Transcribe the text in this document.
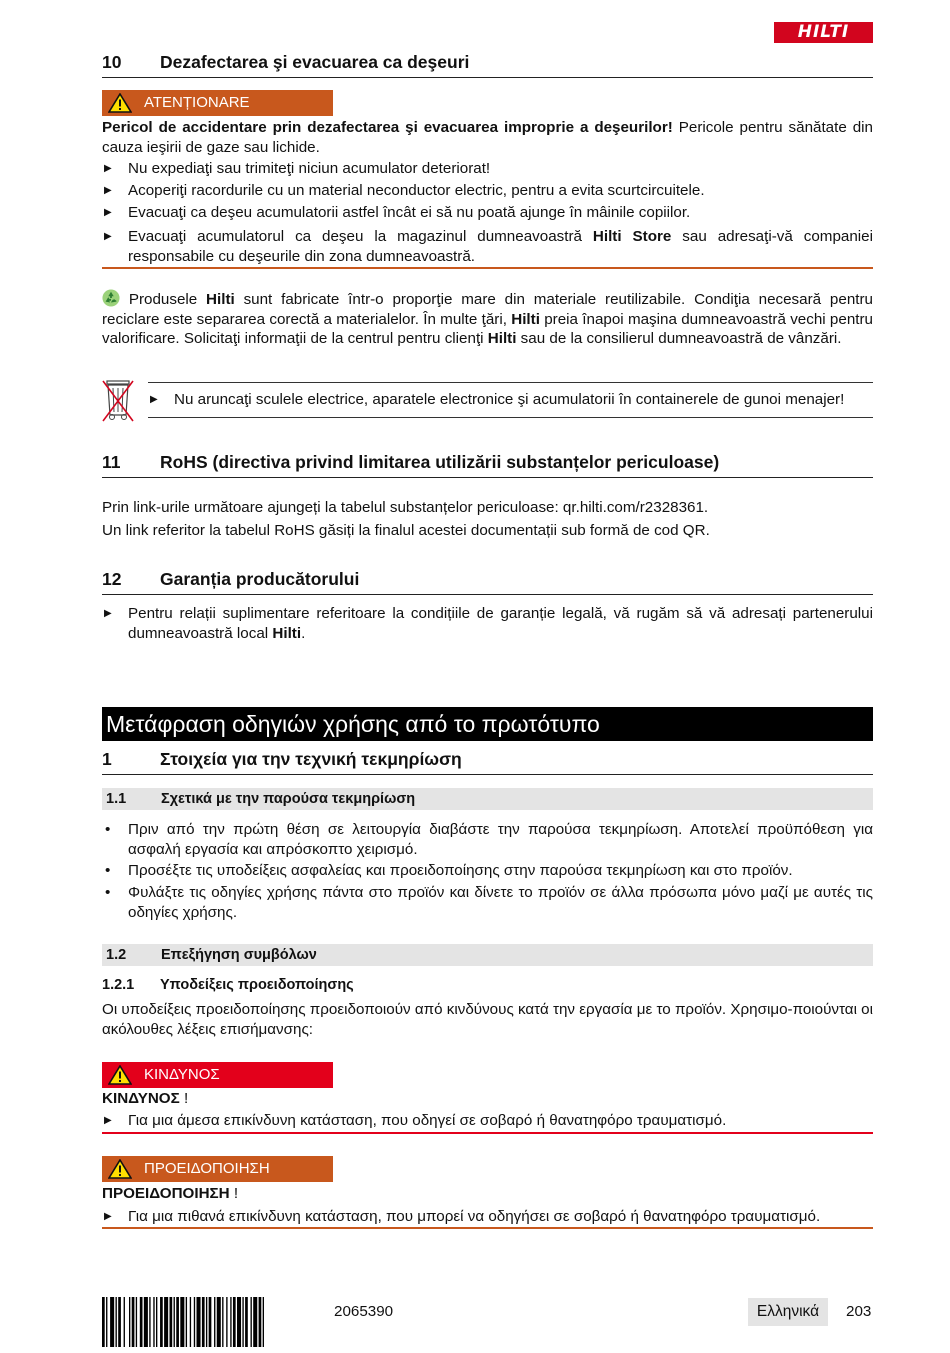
HILTI
10 Dezafectarea şi evacuarea ca deşeuri
ATENȚIONARE
Pericol de accidentare prin dezafectarea şi evacuarea improprie a deşeurilor! Pericole pentru sănătate din cauza ieşirii de gaze sau lichide.
▶ Nu expediaţi sau trimiteţi niciun acumulator deteriorat!
▶ Acoperiţi racordurile cu un material neconductor electric, pentru a evita scurtcircuitele.
▶ Evacuaţi ca deşeu acumulatorii astfel încât ei să nu poată ajunge în mâinile copiilor.
▶ Evacuaţi acumulatorul ca deşeu la magazinul dumneavoastră Hilti Store sau adresaţi-vă companiei responsabile cu deşeurile din zona dumneavoastră.
Produsele Hilti sunt fabricate într-o proporţie mare din materiale reutilizabile. Condiţia necesară pentru reciclare este separarea corectă a materialelor. În multe ţări, Hilti preia înapoi maşina dumneavoastră vechi pentru valorificare. Solicitaţi informaţii de la centrul pentru clienţi Hilti sau de la consilierul dumneavoastră de vânzări.
▶ Nu aruncaţi sculele electrice, aparatele electronice şi acumulatorii în containerele de gunoi menajer!
11 RoHS (directiva privind limitarea utilizării substanțelor periculoase)
Prin link-urile următoare ajungeți la tabelul substanțelor periculoase: qr.hilti.com/r2328361.
Un link referitor la tabelul RoHS găsiți la finalul acestei documentații sub formă de cod QR.
12 Garanția producătorului
▶ Pentru relații suplimentare referitoare la condițiile de garanție legală, vă rugăm să vă adresați partenerului dumneavoastră local Hilti.
Μετάφραση οδηγιών χρήσης από το πρωτότυπο
1	Στοιχεία για την τεχνική τεκμηρίωση
1.1 Σχετικά με την παρούσα τεκμηρίωση
• Πριν από την πρώτη θέση σε λειτουργία διαβάστε την παρούσα τεκμηρίωση. Αποτελεί προϋπόθεση για ασφαλή εργασία και απρόσκοπτο χειρισμό.
• Προσέξτε τις υποδείξεις ασφαλείας και προειδοποίησης στην παρούσα τεκμηρίωση και στο προϊόν.
• Φυλάξτε τις οδηγίες χρήσης πάντα στο προϊόν και δίνετε το προϊόν σε άλλα πρόσωπα μόνο μαζί με αυτές τις οδηγίες χρήσης.
1.2 Επεξήγηση συμβόλων
1.2.1 Υποδείξεις προειδοποίησης
Οι υποδείξεις προειδοποίησης προειδοποιούν από κινδύνους κατά την εργασία με το προϊόν. Χρησιμο-ποιούνται οι ακόλουθες λέξεις επισήμανσης:
ΚΙΝΔΥΝΟΣ
ΚΙΝΔΥΝΟΣ !
▶ Για μια άμεσα επικίνδυνη κατάσταση, που οδηγεί σε σοβαρό ή θανατηφόρο τραυματισμό.
ΠΡΟΕΙΔΟΠΟΙΗΣΗ
ΠΡΟΕΙΔΟΠΟΙΗΣΗ !
▶ Για μια πιθανά επικίνδυνη κατάσταση, που μπορεί να οδηγήσει σε σοβαρό ή θανατηφόρο τραυματισμό.
2065390	Ελληνικά	203
